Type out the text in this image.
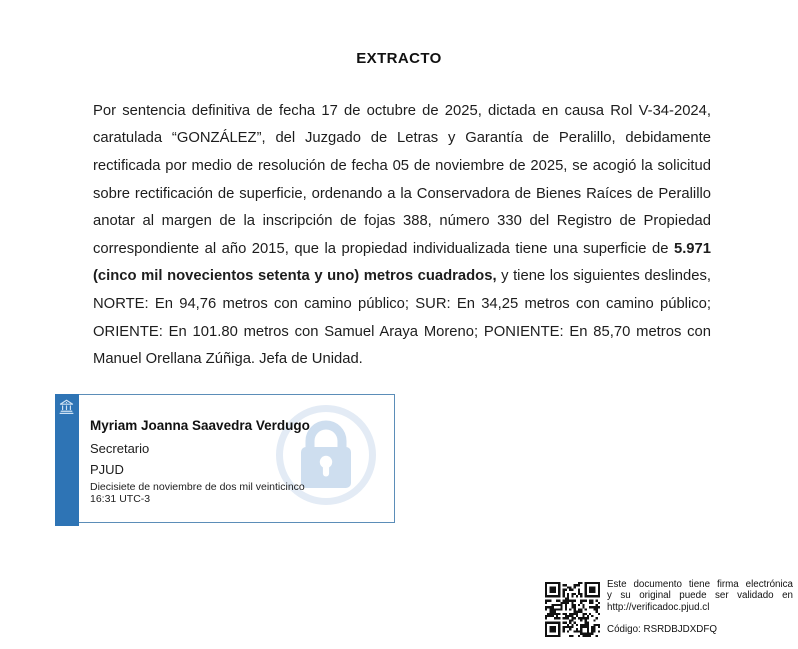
EXTRACTO

Por sentencia definitiva de fecha 17 de octubre de 2025, dictada en causa Rol V-34-2024, caratulada “GONZÁLEZ”, del Juzgado de Letras y Garantía de Peralillo, debidamente rectificada por medio de resolución de fecha 05 de noviembre de 2025, se acogió la solicitud sobre rectificación de superficie, ordenando a la Conservadora de Bienes Raíces de Peralillo anotar al margen de la inscripción de fojas 388, número 330 del Registro de Propiedad correspondiente al año 2015, que la propiedad individualizada tiene una superficie de 5.971 (cinco mil novecientos setenta y uno) metros cuadrados, y tiene los siguientes deslindes, NORTE: En 94,76 metros con camino público; SUR: En 34,25 metros con camino público; ORIENTE: En 101.80 metros con Samuel Araya Moreno; PONIENTE: En 85,70 metros con Manuel Orellana Zúñiga. Jefa de Unidad.

Myriam Joanna Saavedra Verdugo
Secretario
PJUD
Diecisiete de noviembre de dos mil veinticinco
16:31 UTC-3
Este documento tiene firma electrónica
y su original puede ser validado en
http://verificadoc.pjud.cl
Código: RSRDBJDXDFQ
